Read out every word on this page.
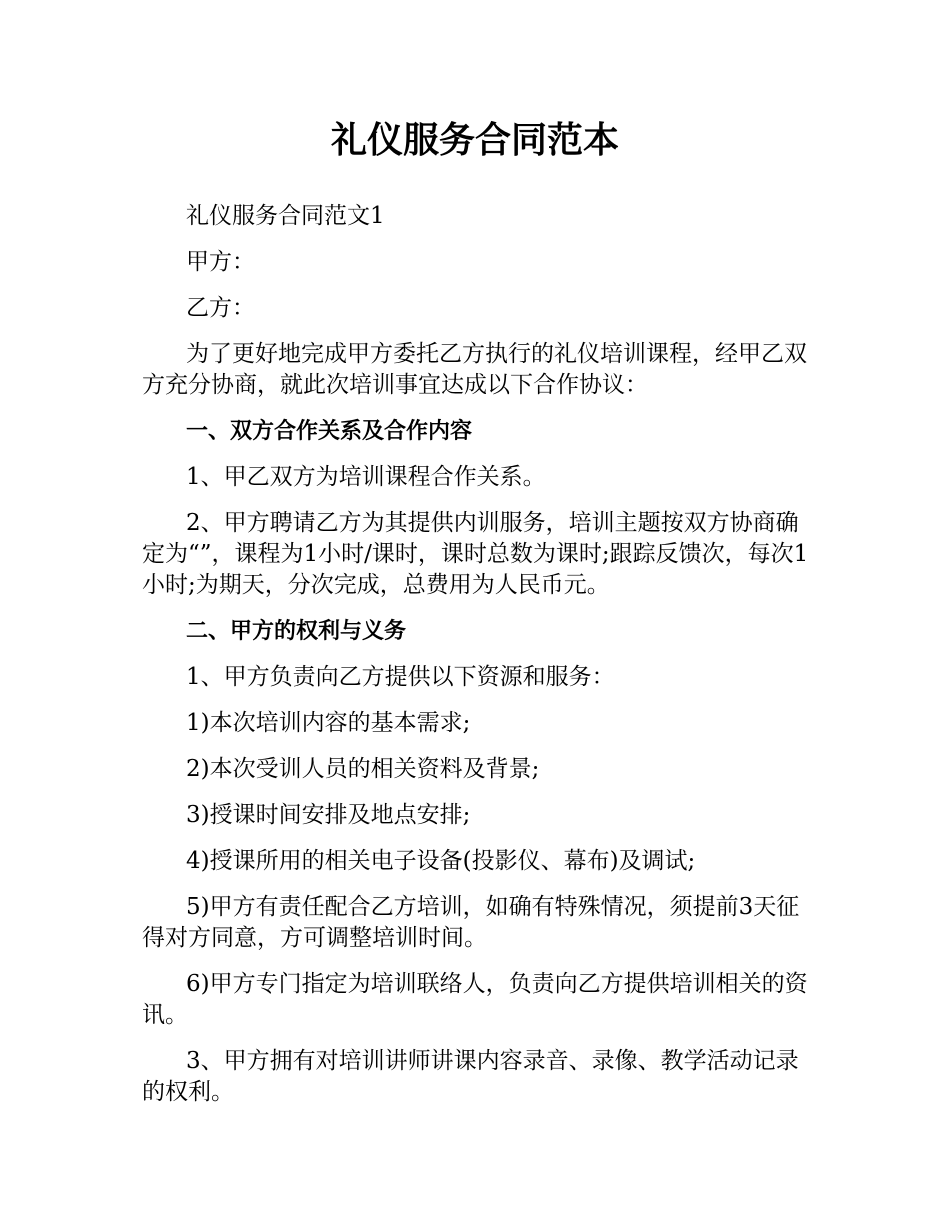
礼仪服务合同范本

礼仪服务合同范文1

甲方：

乙方：

为了更好地完成甲方委托乙方执行的礼仪培训课程，经甲乙双方充分协商，就此次培训事宜达成以下合作协议：

一、双方合作关系及合作内容

1、甲乙双方为培训课程合作关系。

2、甲方聘请乙方为其提供内训服务，培训主题按双方协商确定为“”，课程为1小时/课时，课时总数为课时;跟踪反馈次，每次1小时;为期天，分次完成，总费用为人民币元。

二、甲方的权利与义务

1、甲方负责向乙方提供以下资源和服务：

1)本次培训内容的基本需求;

2)本次受训人员的相关资料及背景;

3)授课时间安排及地点安排;

4)授课所用的相关电子设备(投影仪、幕布)及调试;

5)甲方有责任配合乙方培训，如确有特殊情况，须提前3天征得对方同意，方可调整培训时间。

6)甲方专门指定为培训联络人，负责向乙方提供培训相关的资讯。

3、甲方拥有对培训讲师讲课内容录音、录像、教学活动记录的权利。
